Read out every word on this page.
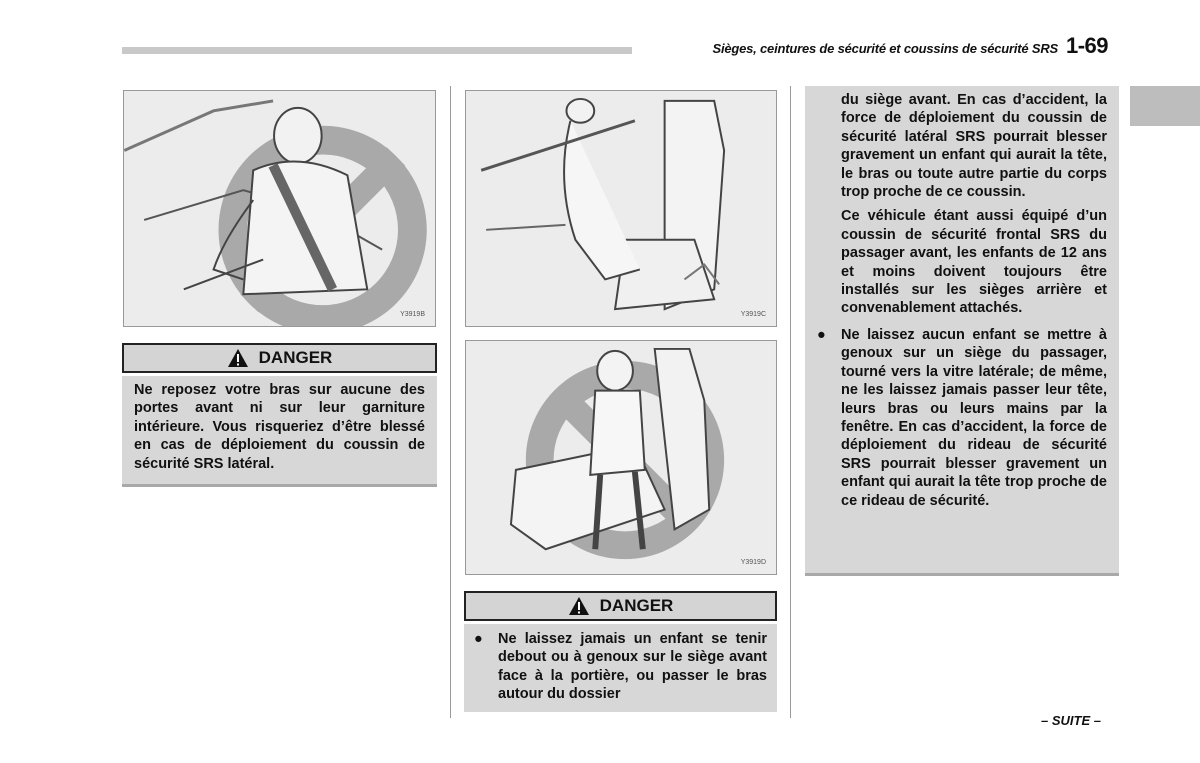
Sièges, ceintures de sécurité et coussins de sécurité SRS 1-69
Y3919B
DANGER

Ne reposez votre bras sur aucune des portes avant ni sur leur garniture intérieure. Vous risqueriez d’être blessé en cas de déploiement du coussin de sécurité SRS latéral.

Y3919C
Y3919D
DANGER
●	Ne laissez jamais un enfant se tenir debout ou à genoux sur le siège avant face à la portière, ou passer le bras autour du dossier

du siège avant. En cas d’accident, la force de déploiement du coussin de sécurité latéral SRS pourrait blesser gravement un enfant qui aurait la tête, le bras ou toute autre partie du corps trop proche de ce coussin.

Ce véhicule étant aussi équipé d’un coussin de sécurité frontal SRS du passager avant, les enfants de 12 ans et moins doivent toujours être installés sur les sièges arrière et convenablement attachés.

●	Ne laissez aucun enfant se mettre à genoux sur un siège du passager, tourné vers la vitre latérale; de même, ne les laissez jamais passer leur tête, leurs bras ou leurs mains par la fenêtre. En cas d’accident, la force de déploiement du rideau de sécurité SRS pourrait blesser gravement un enfant qui aurait la tête trop proche de ce rideau de sécurité.
– SUITE –
